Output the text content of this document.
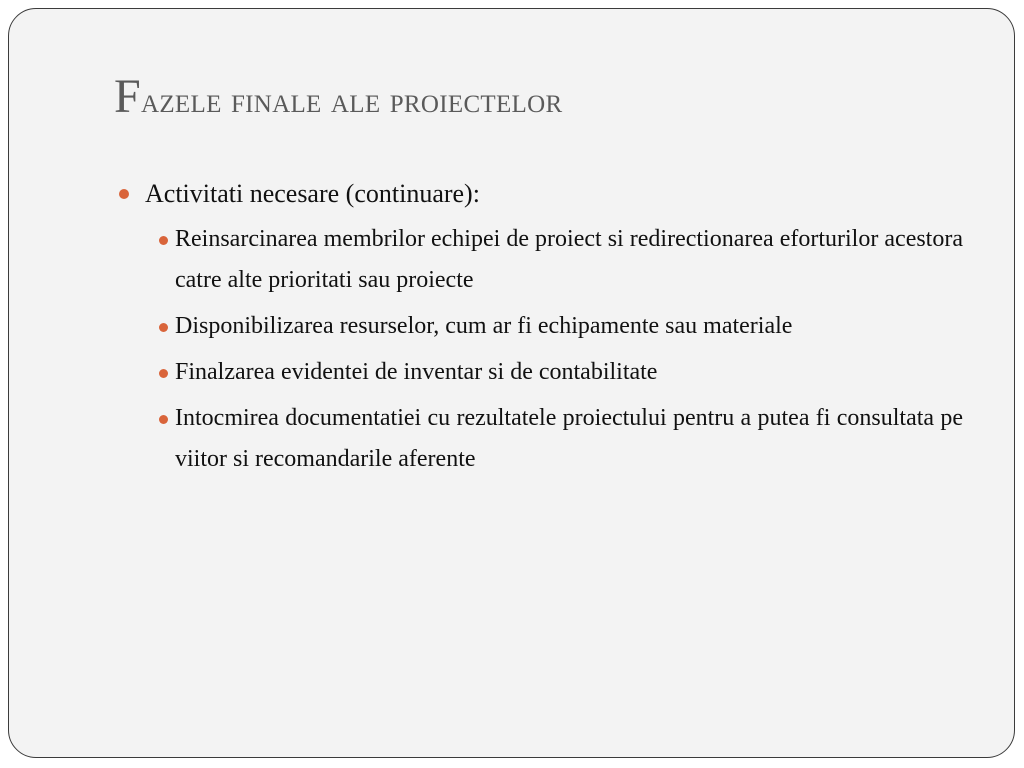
Fazele finale ale proiectelor
Activitati necesare (continuare):
Reinsarcinarea membrilor echipei de proiect si redirectionarea eforturilor acestora catre alte prioritati sau proiecte
Disponibilizarea resurselor, cum ar fi echipamente sau materiale
Finalzarea evidentei de inventar si de contabilitate
Intocmirea documentatiei cu rezultatele proiectului pentru a putea fi consultata pe viitor si recomandarile aferente
